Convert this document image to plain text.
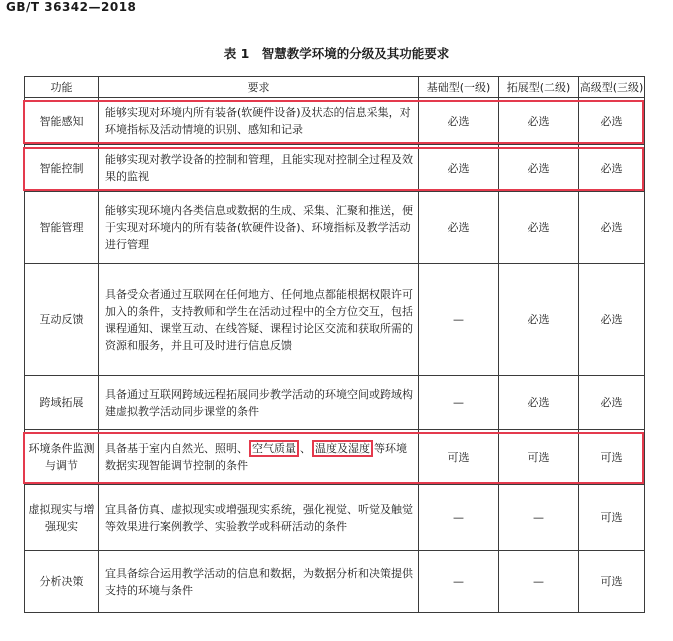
GB/T 36342—2018
表 1　智慧教学环境的分级及其功能要求
功能	要求	基础型(一级)	拓展型(二级)	高级型(三级)
智能感知	能够实现对环境内所有装备(软硬件设备)及状态的信息采集，对环境指标及活动情境的识别、感知和记录	必选	必选	必选
智能控制	能够实现对教学设备的控制和管理，且能实现对控制全过程及效果的监视	必选	必选	必选
智能管理	能够实现环境内各类信息或数据的生成、采集、汇聚和推送，便于实现对环境内的所有装备(软硬件设备)、环境指标及教学活动进行管理	必选	必选	必选
互动反馈	具备受众者通过互联网在任何地方、任何地点都能根据权限许可加入的条件，支持教师和学生在活动过程中的全方位交互，包括课程通知、课堂互动、在线答疑、课程讨论区交流和获取所需的资源和服务，并且可及时进行信息反馈	—	必选	必选
跨域拓展	具备通过互联网跨域远程拓展同步教学活动的环境空间或跨域构建虚拟教学活动同步课堂的条件	—	必选	必选
环境条件监测与调节	具备基于室内自然光、照明、 空气质量 、 温度及湿度 等环境数据实现智能调节控制的条件	可选	可选	可选
虚拟现实与增强现实	宜具备仿真、虚拟现实或增强现实系统，强化视觉、听觉及触觉等效果进行案例教学、实验教学或科研活动的条件	—	—	可选
分析决策	宜具备综合运用教学活动的信息和数据，为数据分析和决策提供支持的环境与条件	—	—	可选
